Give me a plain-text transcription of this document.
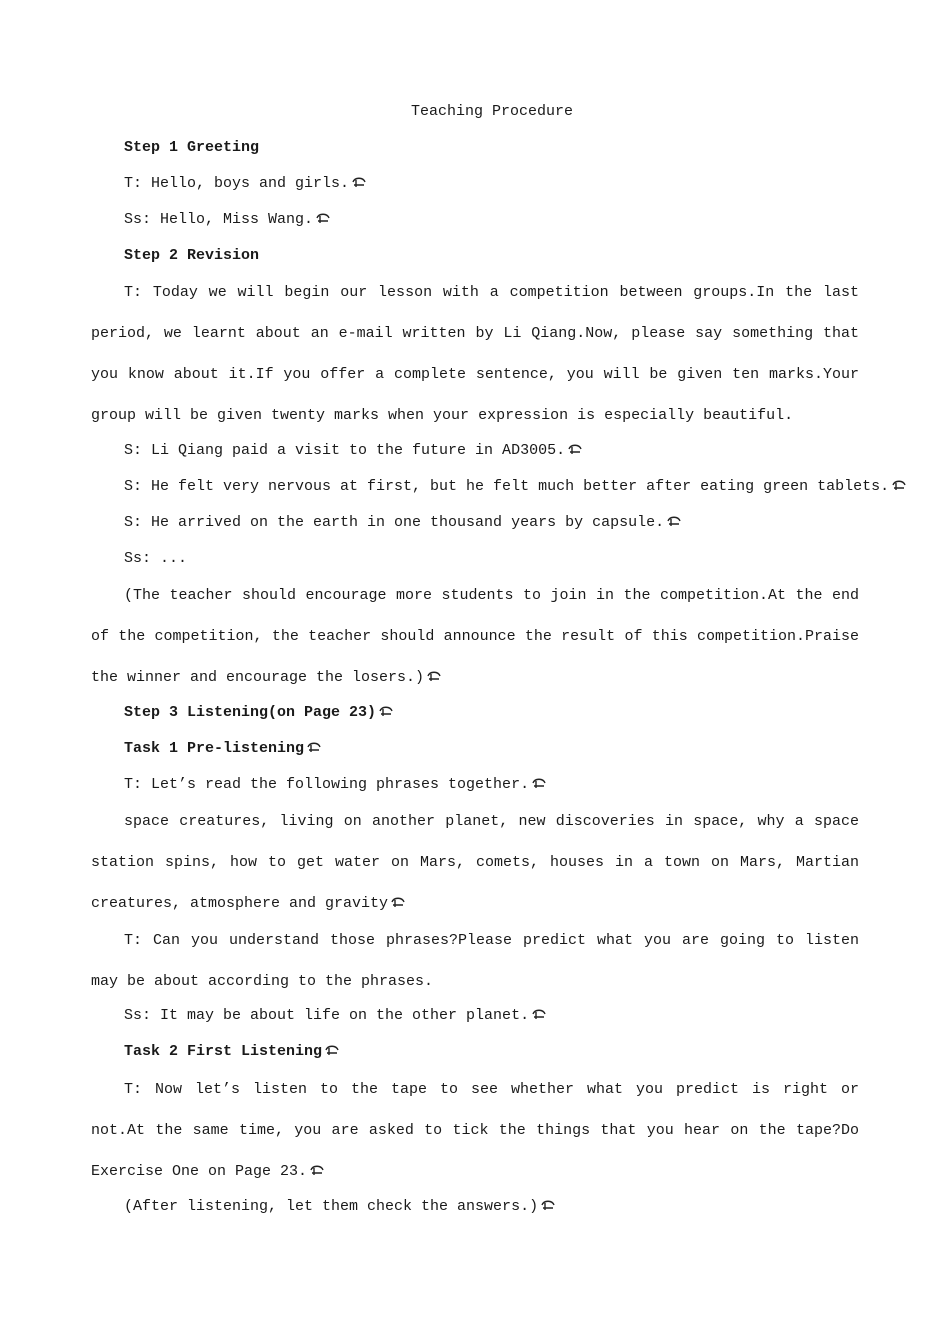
Teaching Procedure
Step 1 Greeting
T: Hello, boys and girls.
Ss: Hello, Miss Wang.
Step 2 Revision
T: Today we will begin our lesson with a competition between groups.In the last period, we learnt about an e-mail written by Li Qiang.Now, please say something that you know about it.If you offer a complete sentence, you will be given ten marks.Your group will be given twenty marks when your expression is especially beautiful.
S: Li Qiang paid a visit to the future in AD3005.
S: He felt very nervous at first, but he felt much better after eating green tablets.
S: He arrived on the earth in one thousand years by capsule.
Ss: ...
(The teacher should encourage more students to join in the competition.At the end of the competition, the teacher should announce the result of this competition.Praise the winner and encourage the losers.)
Step 3 Listening(on Page 23)
Task 1 Pre-listening
T: Let’s read the following phrases together.
space creatures, living on another planet, new discoveries in space, why a space station spins, how to get water on Mars, comets, houses in a town on Mars, Martian creatures, atmosphere and gravity
T: Can you understand those phrases?Please predict what you are going to listen may be about according to the phrases.
Ss: It may be about life on the other planet.
Task 2 First Listening
T: Now let’s listen to the tape to see whether what you predict is right or not.At the same time, you are asked to tick the things that you hear on the tape?Do Exercise One on Page 23.
(After listening, let them check the answers.)
